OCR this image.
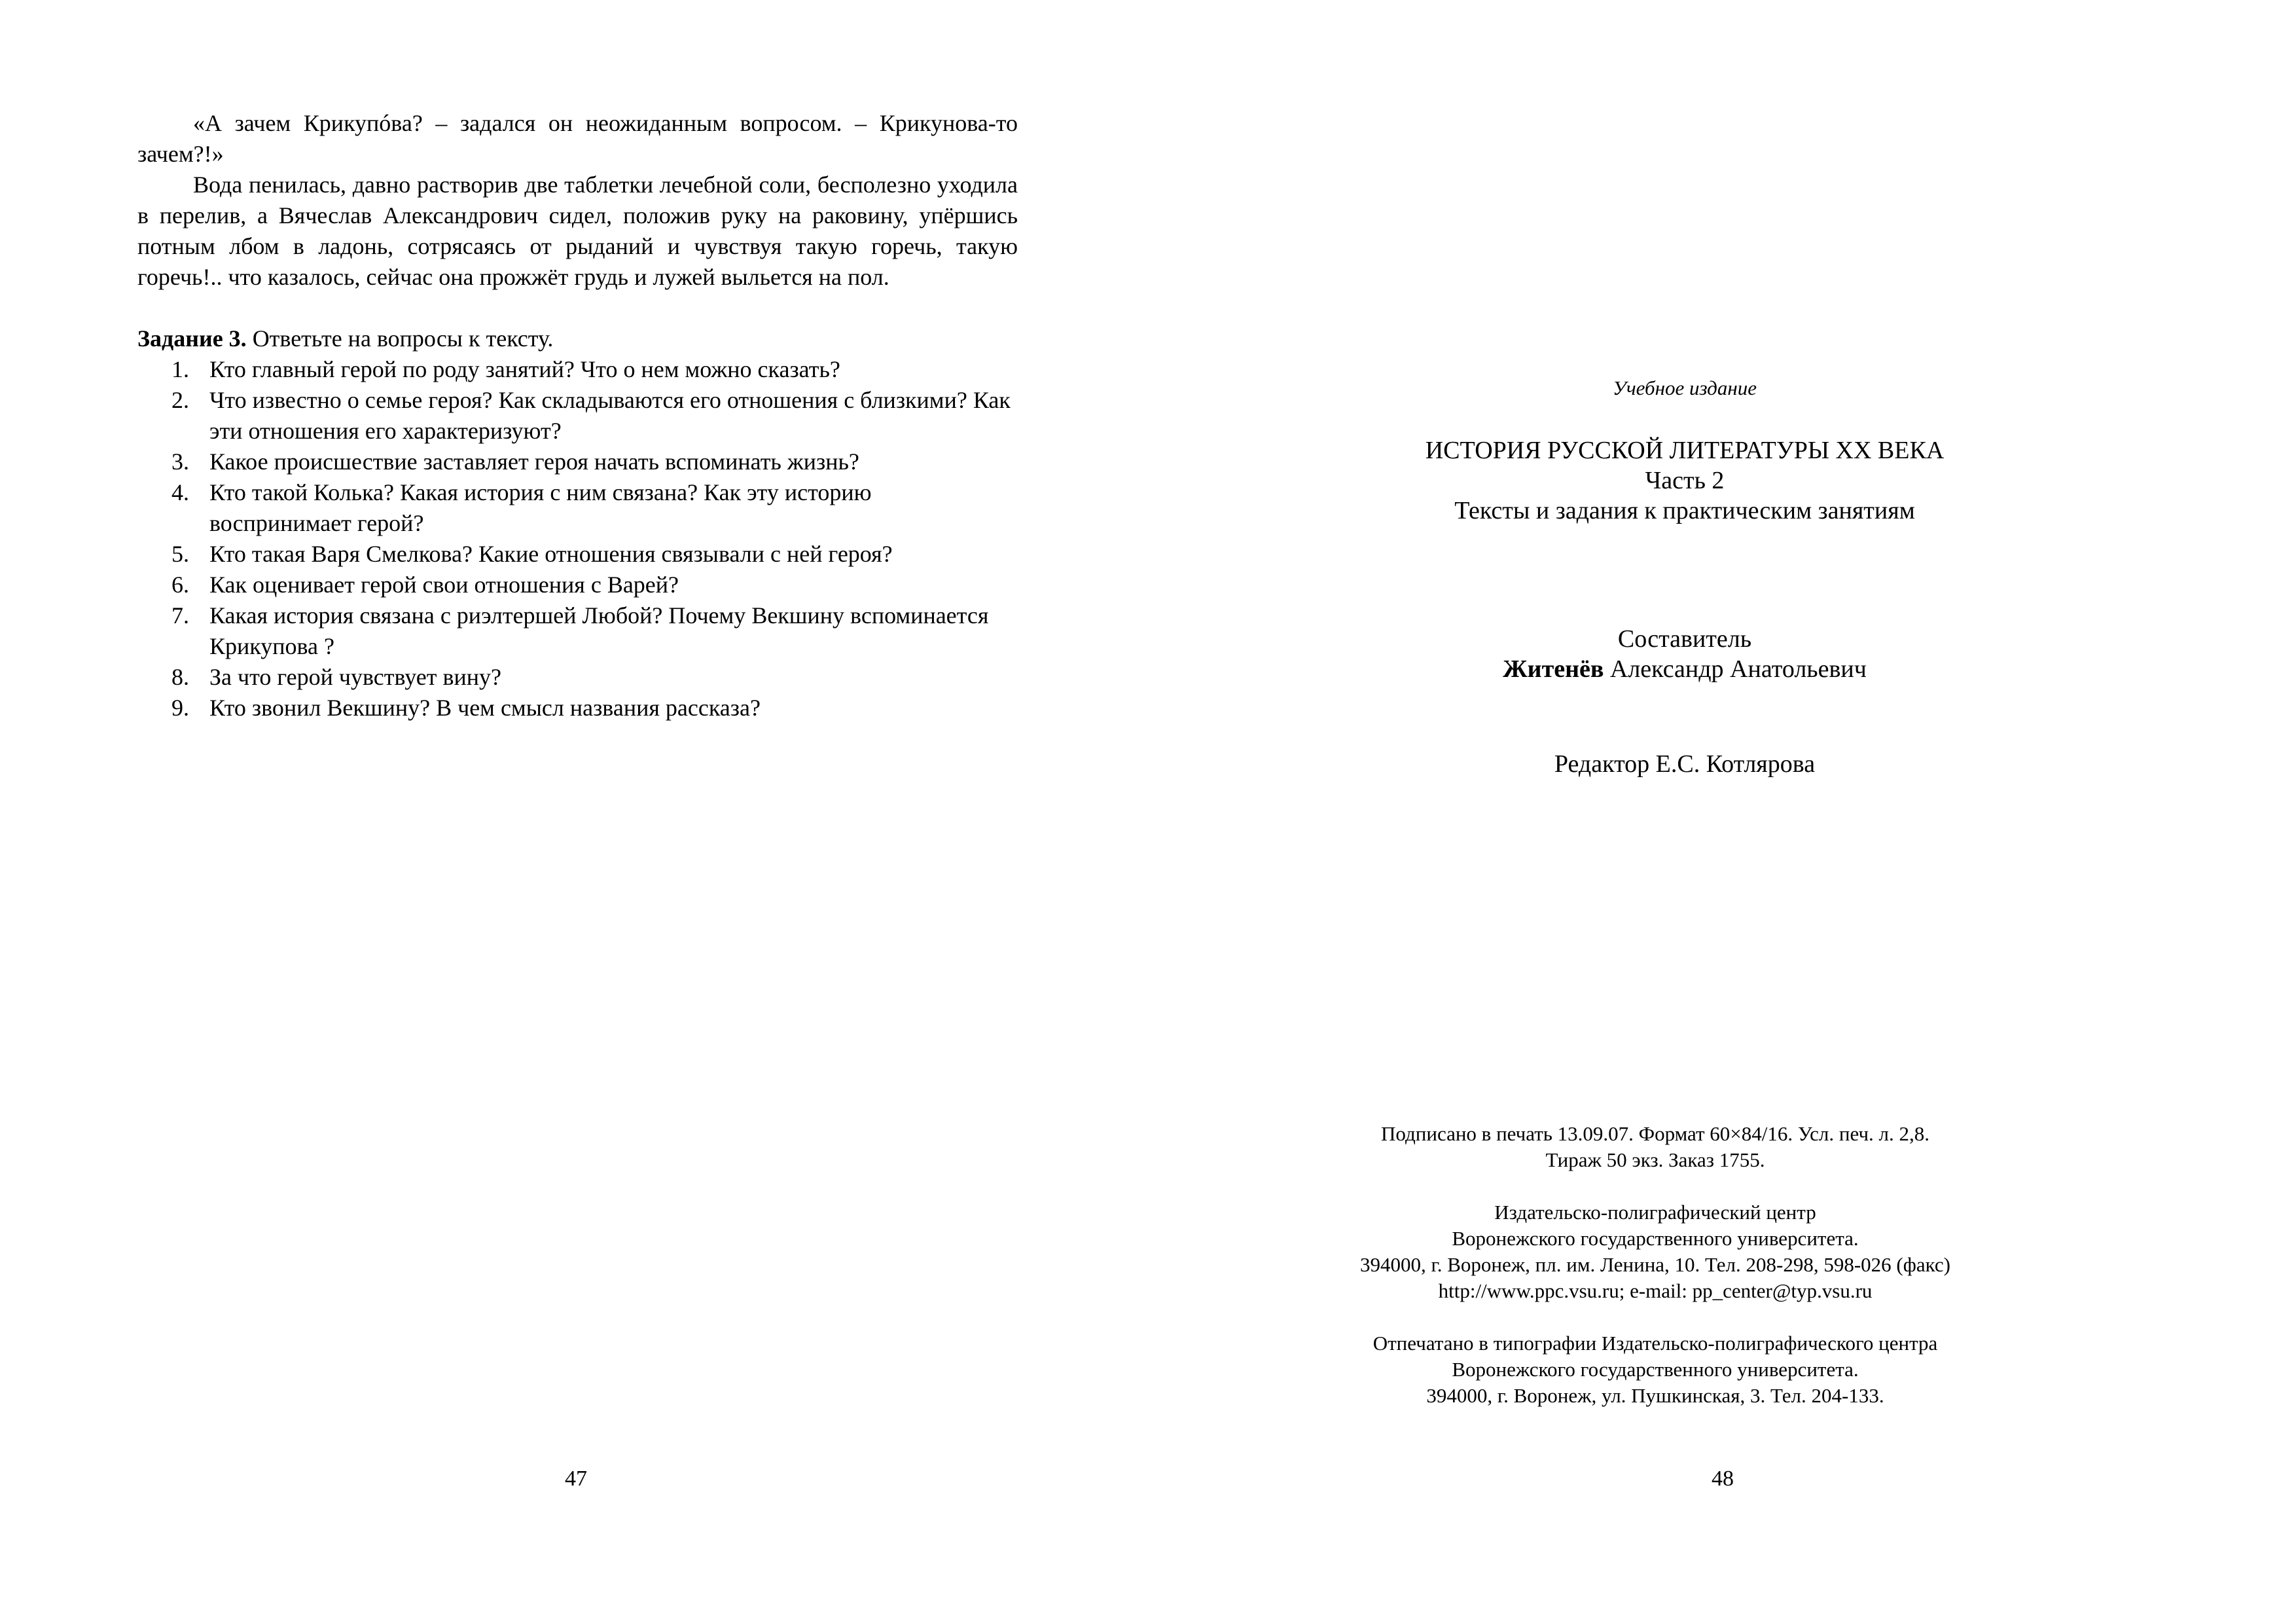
«А зачем Крикупóва? – задался он неожиданным вопросом. – Крикунова-то зачем?!»

Вода пенилась, давно растворив две таблетки лечебной соли, бесполезно уходила в перелив, а Вячеслав Александрович сидел, положив руку на раковину, упёршись потным лбом в ладонь, сотрясаясь от рыданий и чувствуя такую горечь, такую горечь!.. что казалось, сейчас она прожжёт грудь и лужей выльется на пол.

Задание 3. Ответьте на вопросы к тексту.

1. Кто главный герой по роду занятий? Что о нем можно сказать?
2. Что известно о семье героя? Как складываются его отношения с близкими? Как эти отношения его характеризуют?
3. Какое происшествие заставляет героя начать вспоминать жизнь?
4. Кто такой Колька? Какая история с ним связана? Как эту историю воспринимает герой?
5. Кто такая Варя Смелкова? Какие отношения связывали с ней героя?
6. Как оценивает герой свои отношения с Варей?
7. Какая история связана с риэлтершей Любой? Почему Векшину вспоминается Крикупова ?
8. За что герой чувствует вину?
9. Кто звонил Векшину? В чем смысл названия рассказа?
47
Учебное издание
ИСТОРИЯ РУССКОЙ ЛИТЕРАТУРЫ XX ВЕКА
Часть 2
Тексты и задания к практическим занятиям
Составитель
Житенёв Александр Анатольевич
Редактор Е.С. Котлярова
Подписано в печать 13.09.07. Формат 60×84/16. Усл. печ. л. 2,8.
Тираж 50 экз. Заказ 1755.
Издательско-полиграфический центр
Воронежского государственного университета.
394000, г. Воронеж, пл. им. Ленина, 10. Тел. 208-298, 598-026 (факс)
http://www.ppc.vsu.ru; e-mail: pp_center@typ.vsu.ru
Отпечатано в типографии Издательско-полиграфического центра
Воронежского государственного университета.
394000, г. Воронеж, ул. Пушкинская, 3. Тел. 204-133.
48
